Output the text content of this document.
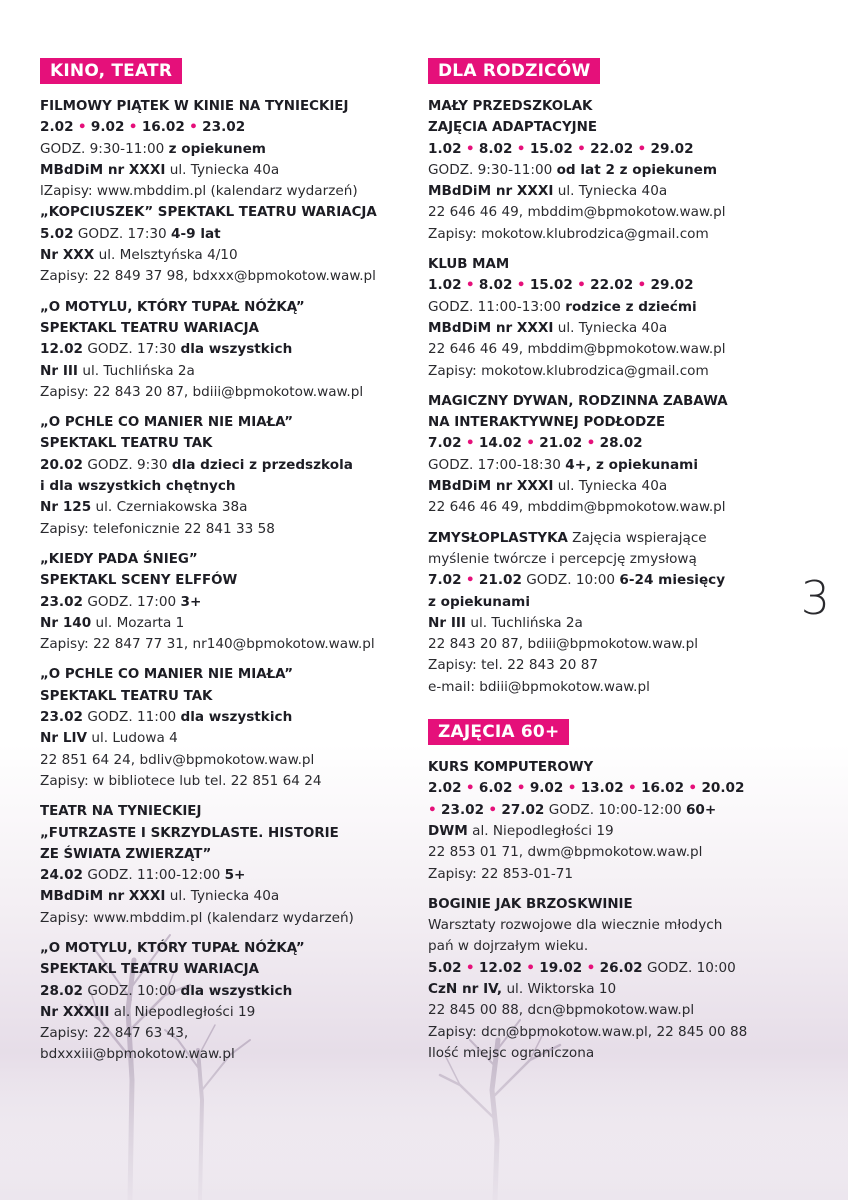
3
KINO, TEATR
FILMOWY PIĄTEK W KINIE NA TYNIECKIEJ
2.02 • 9.02 • 16.02 • 23.02
GODZ. 9:30-11:00 z opiekunem
MBdDiM nr XXXI ul. Tyniecka 40a
lZapisy: www.mbddim.pl (kalendarz wydarzeń)
„KOPCIUSZEK” SPEKTAKL TEATRU WARIACJA
5.02 GODZ. 17:30 4-9 lat
Nr XXX ul. Melsztyńska 4/10
Zapisy: 22 849 37 98, bdxxx@bpmokotow.waw.pl
„O MOTYLU, KTÓRY TUPAŁ NÓŻKĄ”
SPEKTAKL TEATRU WARIACJA
12.02 GODZ. 17:30 dla wszystkich
Nr III ul. Tuchlińska 2a
Zapisy: 22 843 20 87, bdiii@bpmokotow.waw.pl
„O PCHLE CO MANIER NIE MIAŁA”
SPEKTAKL TEATRU TAK
20.02 GODZ. 9:30 dla dzieci z przedszkola
i dla wszystkich chętnych
Nr 125 ul. Czerniakowska 38a
Zapisy: telefonicznie 22 841 33 58
„KIEDY PADA ŚNIEG”
SPEKTAKL SCENY ELFFÓW
23.02 GODZ. 17:00 3+
Nr 140 ul. Mozarta 1
Zapisy: 22 847 77 31, nr140@bpmokotow.waw.pl
„O PCHLE CO MANIER NIE MIAŁA”
SPEKTAKL TEATRU TAK
23.02 GODZ. 11:00 dla wszystkich
Nr LIV ul. Ludowa 4
22 851 64 24, bdliv@bpmokotow.waw.pl
Zapisy: w bibliotece lub tel. 22 851 64 24
TEATR NA TYNIECKIEJ
„FUTRZASTE I SKRZYDLASTE. HISTORIE
ZE ŚWIATA ZWIERZĄT”
24.02 GODZ. 11:00-12:00 5+
MBdDiM nr XXXI ul. Tyniecka 40a
Zapisy: www.mbddim.pl (kalendarz wydarzeń)
„O MOTYLU, KTÓRY TUPAŁ NÓŻKĄ”
SPEKTAKL TEATRU WARIACJA
28.02 GODZ. 10:00 dla wszystkich
Nr XXXIII al. Niepodległości 19
Zapisy: 22 847 63 43,
bdxxxiii@bpmokotow.waw.pl
DLA RODZICÓW
MAŁY PRZEDSZKOLAK
ZAJĘCIA ADAPTACYJNE
1.02 • 8.02 • 15.02 • 22.02 • 29.02
GODZ. 9:30-11:00 od lat 2 z opiekunem
MBdDiM nr XXXI ul. Tyniecka 40a
22 646 46 49, mbddim@bpmokotow.waw.pl
Zapisy: mokotow.klubrodzica@gmail.com
KLUB MAM
1.02 • 8.02 • 15.02 • 22.02 • 29.02
GODZ. 11:00-13:00 rodzice z dziećmi
MBdDiM nr XXXI ul. Tyniecka 40a
22 646 46 49, mbddim@bpmokotow.waw.pl
Zapisy: mokotow.klubrodzica@gmail.com
MAGICZNY DYWAN, RODZINNA ZABAWA
NA INTERAKTYWNEJ PODŁODZE
7.02 • 14.02 • 21.02 • 28.02
GODZ. 17:00-18:30 4+, z opiekunami
MBdDiM nr XXXI ul. Tyniecka 40a
22 646 46 49, mbddim@bpmokotow.waw.pl
ZMYSŁOPLASTYKA Zajęcia wspierające
myślenie twórcze i percepcję zmysłową
7.02 • 21.02 GODZ. 10:00 6-24 miesięcy
z opiekunami
Nr III ul. Tuchlińska 2a
22 843 20 87, bdiii@bpmokotow.waw.pl
Zapisy: tel. 22 843 20 87
e-mail: bdiii@bpmokotow.waw.pl
ZAJĘCIA 60+
KURS KOMPUTEROWY
2.02 • 6.02 • 9.02 • 13.02 • 16.02 • 20.02
• 23.02 • 27.02 GODZ. 10:00-12:00 60+
DWM al. Niepodległości 19
22 853 01 71, dwm@bpmokotow.waw.pl
Zapisy: 22 853-01-71
BOGINIE JAK BRZOSKWINIE
Warsztaty rozwojowe dla wiecznie młodych
pań w dojrzałym wieku.
5.02 • 12.02 • 19.02 • 26.02 GODZ. 10:00
CzN nr IV, ul. Wiktorska 10
22 845 00 88, dcn@bpmokotow.waw.pl
Zapisy: dcn@bpmokotow.waw.pl, 22 845 00 88
Ilość miejsc ograniczona
